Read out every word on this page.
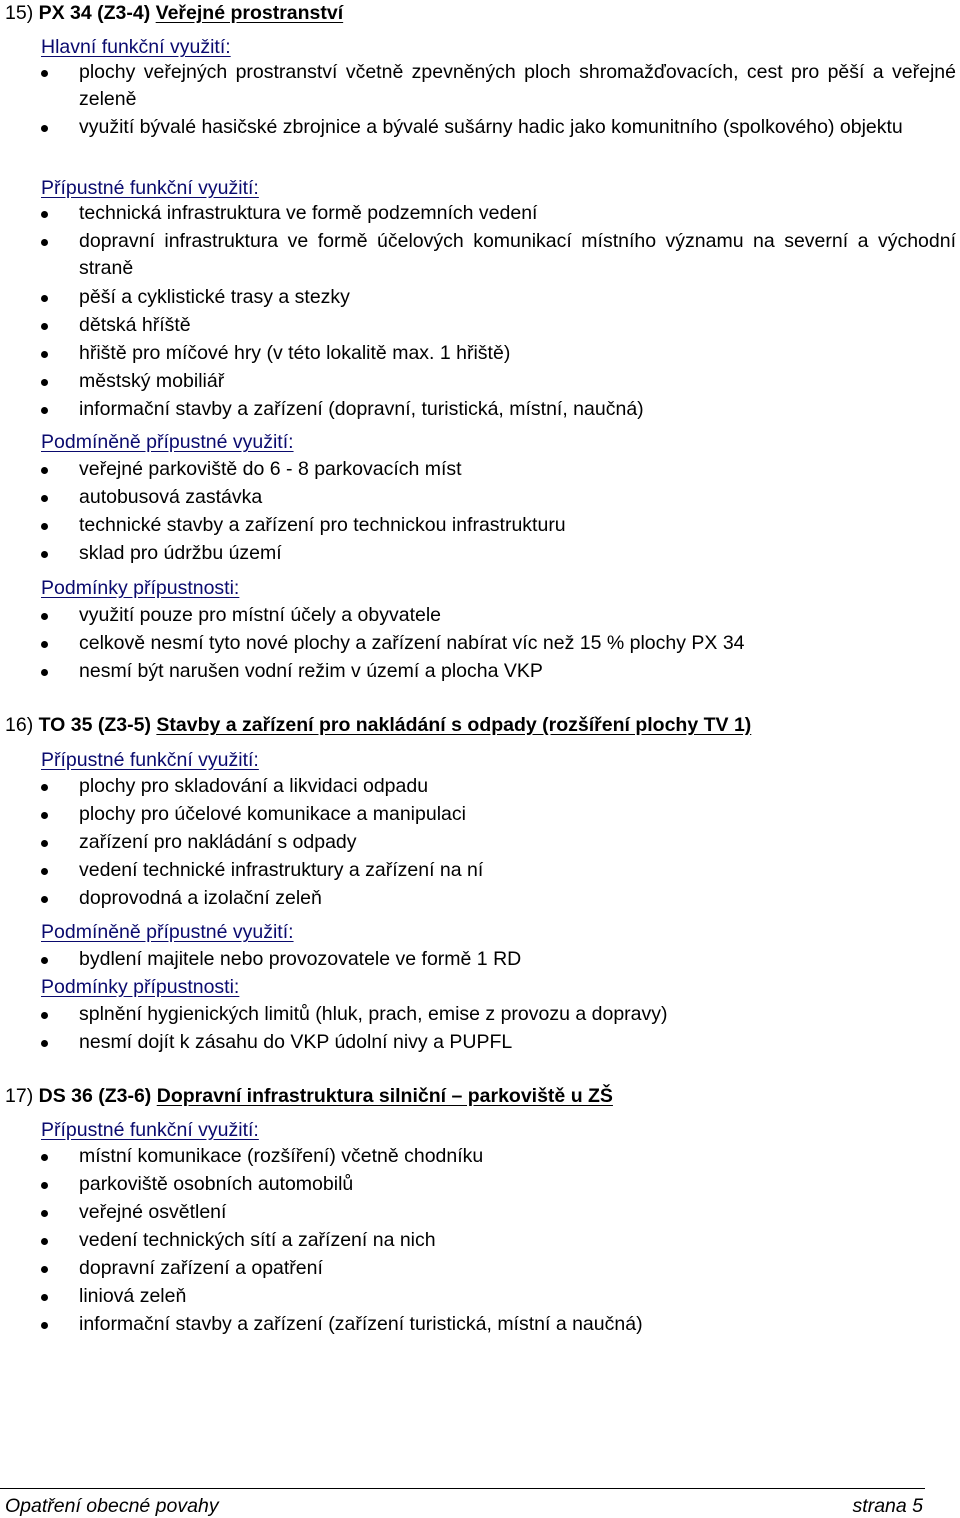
15) PX 34 (Z3-4) Veřejné prostranství
Hlavní funkční využití:
plochy veřejných prostranství včetně zpevněných ploch shromažďovacích, cest pro pěší a veřejné zeleně
využití bývalé hasičské zbrojnice a bývalé sušárny hadic jako komunitního (spolkového) objektu
Přípustné funkční využití:
technická infrastruktura ve formě podzemních vedení
dopravní infrastruktura ve formě účelových komunikací místního významu na severní a východní straně
pěší a cyklistické trasy a stezky
dětská hříště
hřiště pro míčové hry (v této lokalitě max. 1 hřiště)
městský mobiliář
informační stavby a zařízení (dopravní, turistická, místní, naučná)
Podmíněně přípustné využití:
veřejné parkoviště do 6 - 8 parkovacích míst
autobusová zastávka
technické stavby a zařízení pro technickou infrastrukturu
sklad pro údržbu území
Podmínky přípustnosti:
využití pouze pro místní účely a obyvatele
celkově nesmí tyto nové plochy a zařízení nabírat víc než 15 % plochy PX 34
nesmí být narušen vodní režim v území a plocha VKP
16) TO 35 (Z3-5) Stavby a zařízení pro nakládání s odpady (rozšíření plochy TV 1)
Přípustné funkční využití:
plochy pro skladování a likvidaci odpadu
plochy pro účelové komunikace a manipulaci
zařízení pro nakládání s odpady
vedení technické infrastruktury a zařízení na ní
doprovodná a izolační zeleň
Podmíněně přípustné využití:
bydlení majitele nebo provozovatele ve formě 1 RD
Podmínky přípustnosti:
splnění hygienických limitů (hluk, prach, emise z provozu a dopravy)
nesmí dojít k zásahu do VKP údolní nivy a PUPFL
17) DS 36 (Z3-6) Dopravní infrastruktura silniční – parkoviště u ZŠ
Přípustné funkční využití:
místní komunikace (rozšíření) včetně chodníku
parkoviště osobních automobilů
veřejné osvětlení
vedení technických sítí a zařízení na nich
dopravní zařízení a opatření
liniová zeleň
informační stavby a zařízení (zařízení turistická, místní a naučná)
Opatření obecné povahy	strana 5
